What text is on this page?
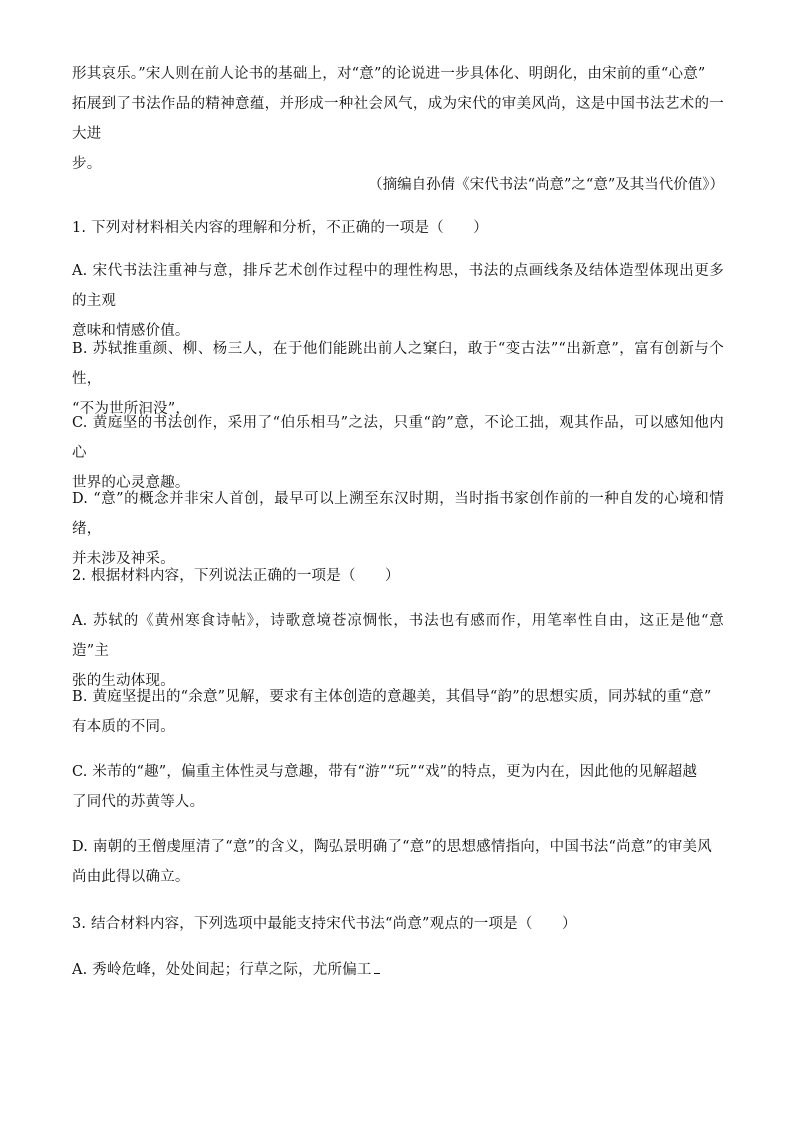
形其哀乐。”宋人则在前人论书的基础上，对“意”的论说进一步具体化、明朗化，由宋前的重“心意”
拓展到了书法作品的精神意蕴，并形成一种社会风气，成为宋代的审美风尚，这是中国书法艺术的一大进
步。

（摘编自孙倩《宋代书法“尚意”之“意”及其当代价值》）

1. 下列对材料相关内容的理解和分析，不正确的一项是（　　）

A. 宋代书法注重神与意，排斥艺术创作过程中的理性构思，书法的点画线条及结体造型体现出更多的主观
意味和情感价值。

B. 苏轼推重颜、柳、杨三人，在于他们能跳出前人之窠臼，敢于“变古法”“出新意”，富有创新与个性，
“不为世所汩没”，

C. 黄庭坚的书法创作，采用了“伯乐相马”之法，只重“韵”意，不论工拙，观其作品，可以感知他内心
世界的心灵意趣。

D. “意”的概念并非宋人首创，最早可以上溯至东汉时期，当时指书家创作前的一种自发的心境和情绪，
并未涉及神采。

2. 根据材料内容，下列说法正确的一项是（　　）

A. 苏轼的《黄州寒食诗帖》，诗歌意境苍凉惆怅，书法也有感而作，用笔率性自由，这正是他“意造”主
张的生动体现。

B. 黄庭坚提出的“余意”见解，要求有主体创造的意趣美，其倡导“韵”的思想实质，同苏轼的重“意”
有本质的不同。

C. 米芾的“趣”，偏重主体性灵与意趣，带有“游”“玩”“戏”的特点，更为内在，因此他的见解超越
了同代的苏黄等人。

D. 南朝的王僧虔厘清了“意”的含义，陶弘景明确了“意”的思想感情指向，中国书法“尚意”的审美风
尚由此得以确立。

3. 结合材料内容，下列选项中最能支持宋代书法“尚意”观点的一项是（　　）

A. 秀岭危峰，处处间起；行草之际，尤所偏工
